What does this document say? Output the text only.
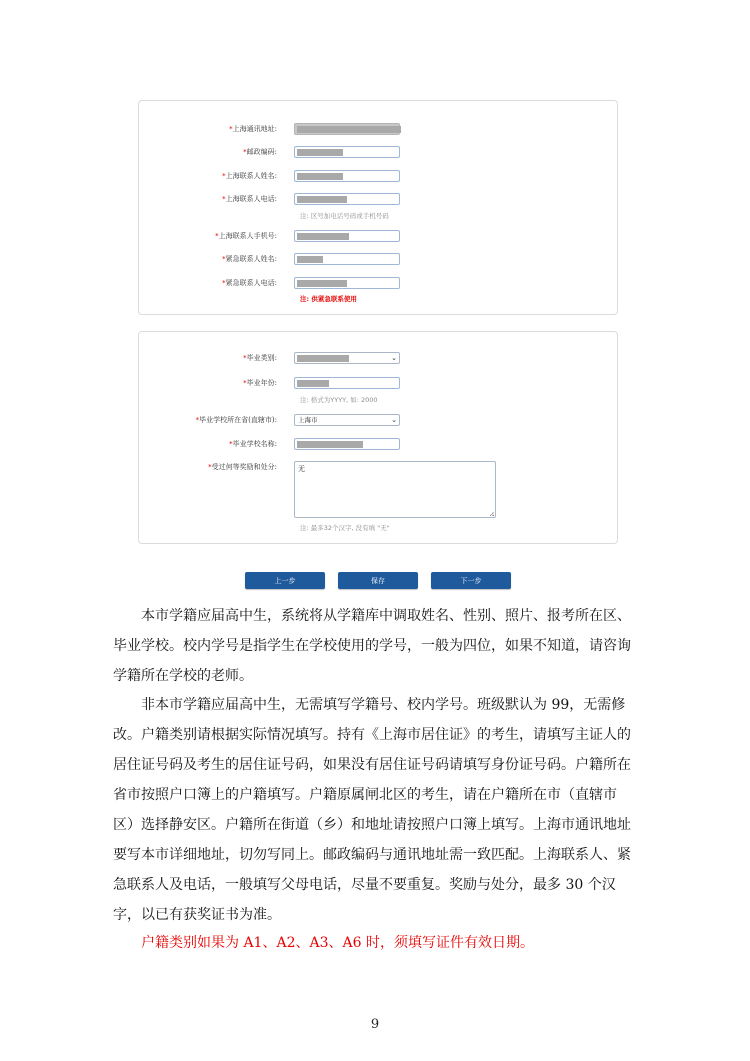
*上海通讯地址:
*邮政编码:
*上海联系人姓名:
*上海联系人电话:
注: 区号加电话号码或手机号码
*上海联系人手机号:
*紧急联系人姓名:
*紧急联系人电话:
注: 供紧急联系使用
*毕业类别:	⌄
*毕业年份:
注: 格式为YYYY, 如: 2000
*毕业学校所在省(直辖市):	上海市	⌄
*毕业学校名称:
*受过何等奖励和处分:	无
注: 最多32个汉字, 没有填 "无"
上一步	保存	下一步

本市学籍应届高中生，系统将从学籍库中调取姓名、性别、照片、报考所在区、毕业学校。校内学号是指学生在学校使用的学号，一般为四位，如果不知道，请咨询学籍所在学校的老师。

非本市学籍应届高中生，无需填写学籍号、校内学号。班级默认为 99，无需修改。 户籍类别请根据实际情况填写。持有《上海市居住证》的考生，请填写主证人的居住证号码及考生的居住证号码，如果没有居住证号码请填写身份证号码。户籍所在省市按照户口簿上的户籍填写。户籍原属闸北区的考生，请在户籍所在市（直辖市区）选择静安区。户籍所在街道（乡）和地址请按照户口簿上填写。上海市通讯地址要写本市详细地址，切勿写同上。邮政编码与通讯地址需一致匹配。上海联系人、紧急联系人及电话，一般填写父母电话，尽量不要重复。奖励与处分，最多 30 个汉字，以已有获奖证书为准。

户籍类别如果为 A1、A2、A3、A6 时，须填写证件有效日期。

9
